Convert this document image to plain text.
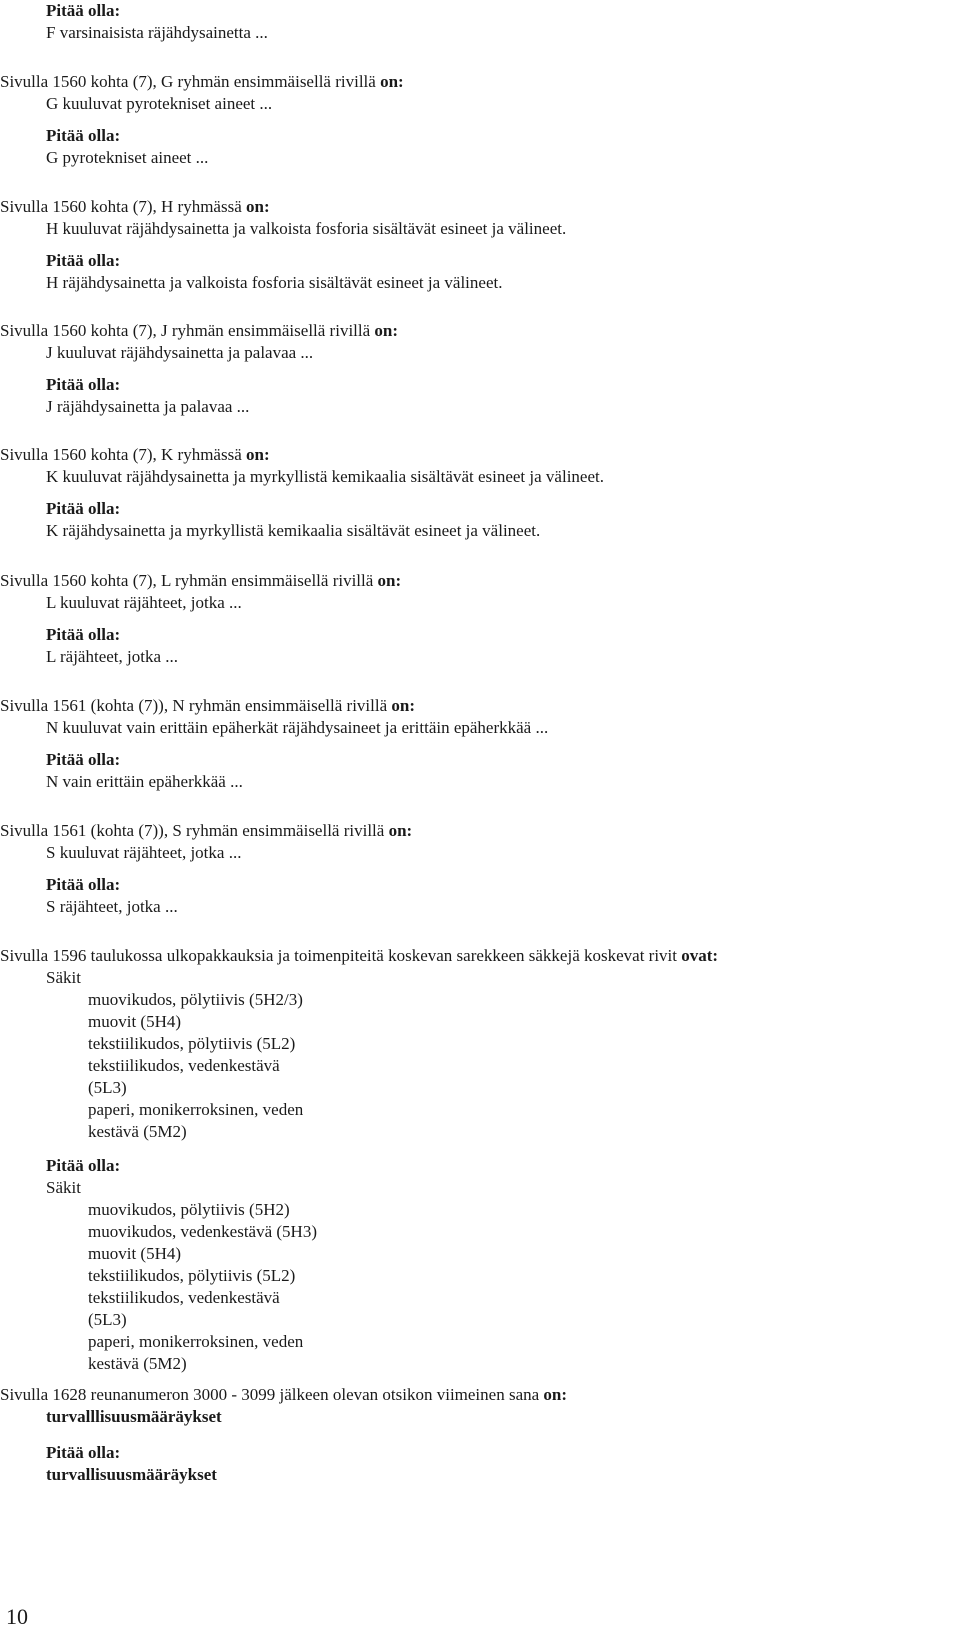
Pitää olla:
F varsinaisista räjähdysainetta ...
Sivulla 1560 kohta (7), G ryhmän ensimmäisellä rivillä on:
G kuuluvat pyrotekniset aineet ...
Pitää olla:
G pyrotekniset aineet ...
Sivulla 1560 kohta (7), H ryhmässä on:
H kuuluvat räjähdysainetta ja valkoista fosforia sisältävät esineet ja välineet.
Pitää olla:
H räjähdysainetta ja valkoista fosforia sisältävät esineet ja välineet.
Sivulla 1560 kohta (7), J ryhmän ensimmäisellä rivillä on:
J kuuluvat räjähdysainetta ja palavaa ...
Pitää olla:
J räjähdysainetta ja palavaa ...
Sivulla 1560 kohta (7), K ryhmässä on:
K kuuluvat räjähdysainetta ja myrkyllistä kemikaalia sisältävät esineet ja välineet.
Pitää olla:
K räjähdysainetta ja myrkyllistä kemikaalia sisältävät esineet ja välineet.
Sivulla 1560 kohta (7), L ryhmän ensimmäisellä rivillä on:
L kuuluvat räjähteet, jotka ...
Pitää olla:
L räjähteet, jotka ...
Sivulla 1561 (kohta (7)), N ryhmän ensimmäisellä rivillä on:
N kuuluvat vain erittäin epäherkät räjähdysaineet ja erittäin epäherkkää ...
Pitää olla:
N vain erittäin epäherkkää ...
Sivulla 1561 (kohta (7)), S ryhmän ensimmäisellä rivillä on:
S kuuluvat räjähteet, jotka ...
Pitää olla:
S räjähteet, jotka ...
Sivulla 1596 taulukossa ulkopakkauksia ja toimenpiteitä koskevan sarekkeen säkkejä koskevat rivit ovat:
Säkit
muovikudos, pölytiivis (5H2/3)
muovit (5H4)
tekstiilikudos, pölytiivis (5L2)
tekstiilikudos, vedenkestävä
(5L3)
paperi, monikerroksinen, veden
kestävä (5M2)
Pitää olla:
Säkit
muovikudos, pölytiivis (5H2)
muovikudos, vedenkestävä (5H3)
muovit (5H4)
tekstiilikudos, pölytiivis (5L2)
tekstiilikudos, vedenkestävä
(5L3)
paperi, monikerroksinen, veden
kestävä (5M2)
Sivulla 1628 reunanumeron 3000 - 3099 jälkeen olevan otsikon viimeinen sana on:
turvalllisuusmääräykset
Pitää olla:
turvallisuusmääräykset
10
